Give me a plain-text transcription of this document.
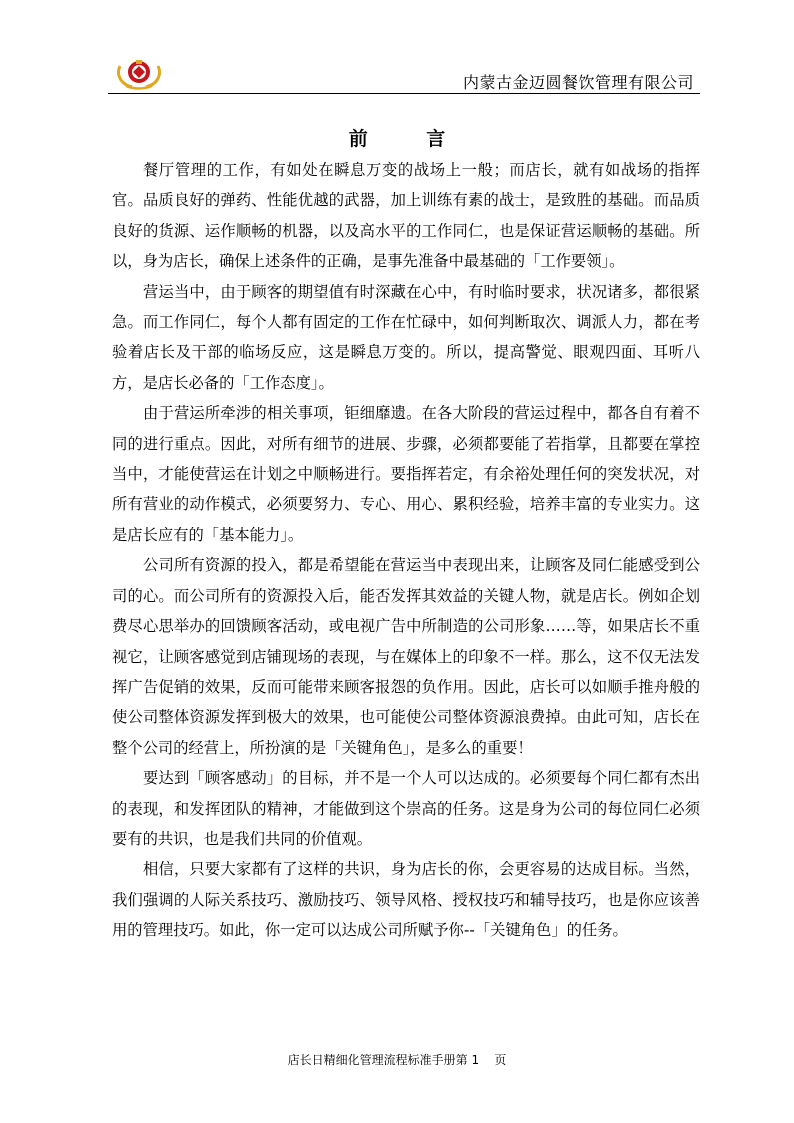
内蒙古金迈圆餐饮管理有限公司
前 言

餐厅管理的工作，有如处在瞬息万变的战场上一般；而店长，就有如战场的指挥官。品质良好的弹药、性能优越的武器，加上训练有素的战士，是致胜的基础。而品质良好的货源、运作顺畅的机器，以及高水平的工作同仁，也是保证营运顺畅的基础。所以，身为店长，确保上述条件的正确，是事先准备中最基础的「工作要领」。

营运当中，由于顾客的期望值有时深藏在心中，有时临时要求，状况诸多，都很紧急。而工作同仁，每个人都有固定的工作在忙碌中，如何判断取次、调派人力，都在考验着店长及干部的临场反应，这是瞬息万变的。所以，提高警觉、眼观四面、耳听八方，是店长必备的「工作态度」。

由于营运所牵涉的相关事项，钜细靡遗。在各大阶段的营运过程中，都各自有着不同的进行重点。因此，对所有细节的进展、步骤，必须都要能了若指掌，且都要在掌控当中，才能使营运在计划之中顺畅进行。要指挥若定，有余裕处理任何的突发状况，对所有营业的动作模式，必须要努力、专心、用心、累积经验，培养丰富的专业实力。这是店长应有的「基本能力」。

公司所有资源的投入，都是希望能在营运当中表现出来，让顾客及同仁能感受到公司的心。而公司所有的资源投入后，能否发挥其效益的关键人物，就是店长。例如企划费尽心思举办的回馈顾客活动，或电视广告中所制造的公司形象……等，如果店长不重视它，让顾客感觉到店铺现场的表现，与在媒体上的印象不一样。那么，这不仅无法发挥广告促销的效果，反而可能带来顾客报怨的负作用。因此，店长可以如顺手推舟般的使公司整体资源发挥到极大的效果，也可能使公司整体资源浪费掉。由此可知，店长在整个公司的经营上，所扮演的是「关键角色」，是多么的重要！

要达到「顾客感动」的目标，并不是一个人可以达成的。必须要每个同仁都有杰出的表现，和发挥团队的精神，才能做到这个崇高的任务。这是身为公司的每位同仁必须要有的共识，也是我们共同的价值观。

相信，只要大家都有了这样的共识，身为店长的你，会更容易的达成目标。当然，我们强调的人际关系技巧、激励技巧、领导风格、授权技巧和辅导技巧，也是你应该善用的管理技巧。如此，你一定可以达成公司所赋予你--「关键角色」的任务。

店长日精细化管理流程标准手册第 1    页
